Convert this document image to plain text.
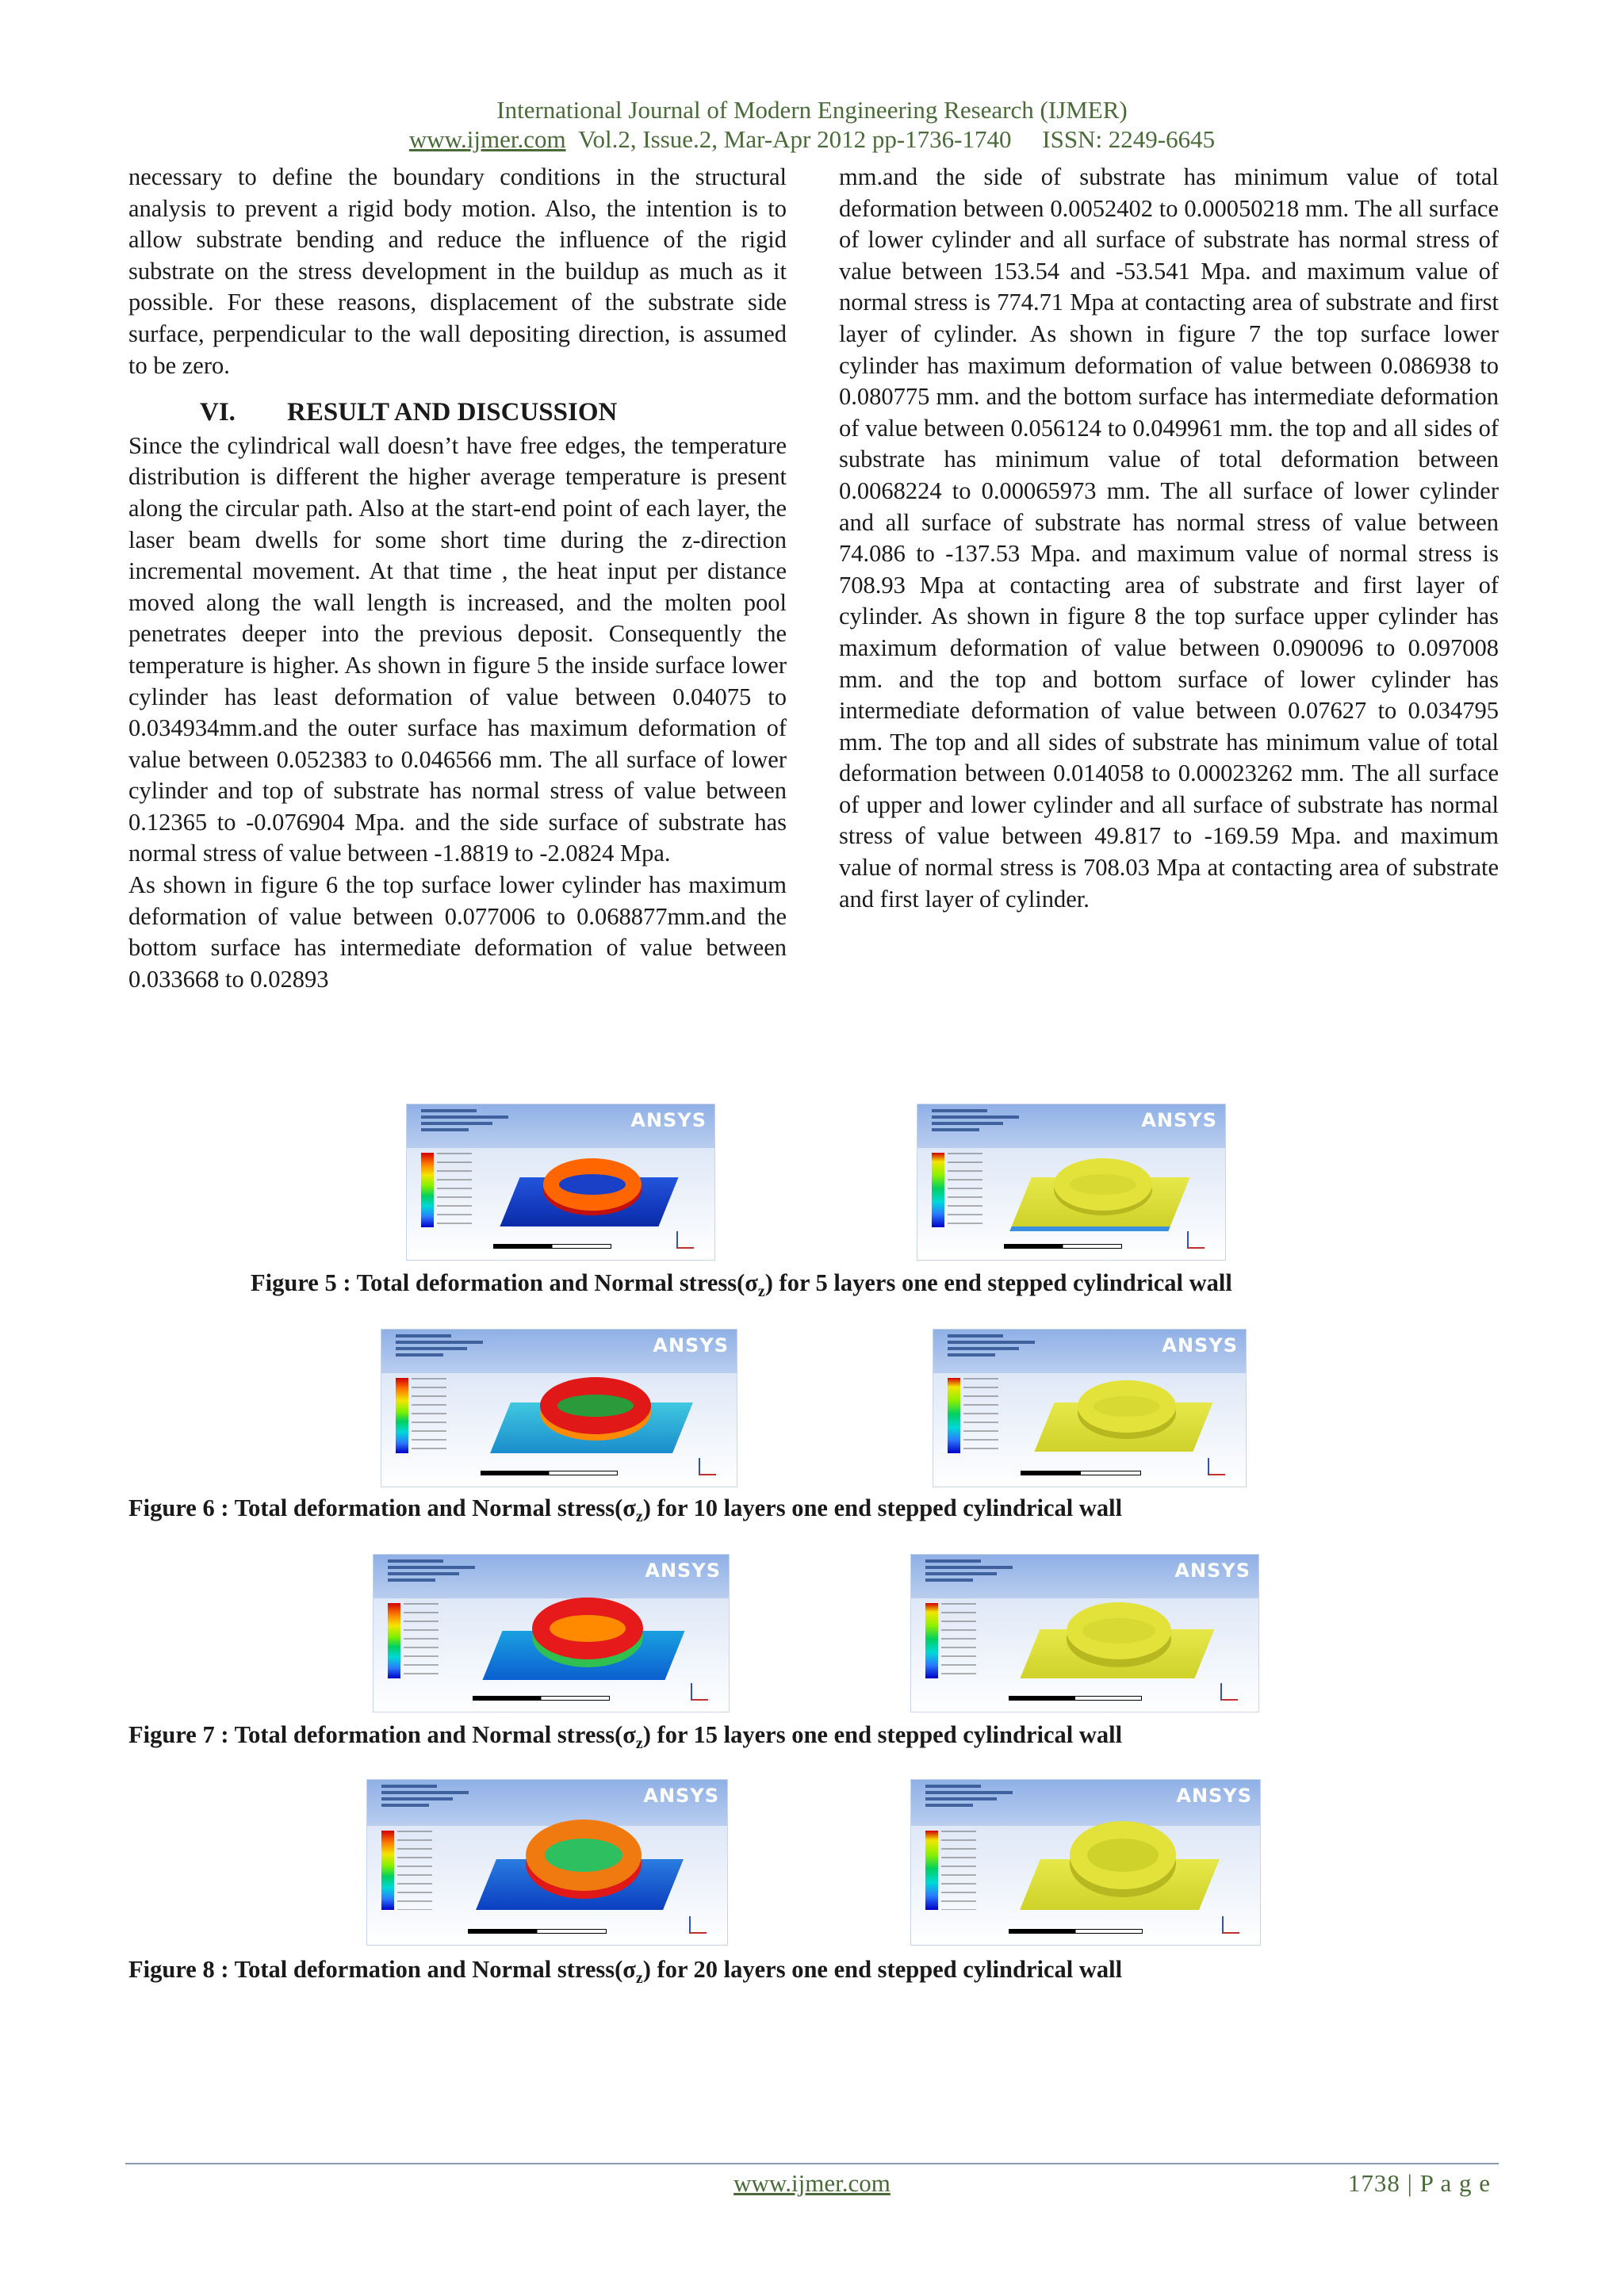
International Journal of Modern Engineering Research (IJMER)
www.ijmer.com Vol.2, Issue.2, Mar-Apr 2012 pp-1736-1740 ISSN: 2249-6645

necessary to define the boundary conditions in the structural analysis to prevent a rigid body motion. Also, the intention is to allow substrate bending and reduce the influence of the rigid substrate on the stress development in the buildup as much as it possible. For these reasons, displacement of the substrate side surface, perpendicular to the wall depositing direction, is assumed to be zero.

VI. RESULT AND DISCUSSION

Since the cylindrical wall doesn’t have free edges, the temperature distribution is different the higher average temperature is present along the circular path. Also at the start-end point of each layer, the laser beam dwells for some short time during the z-direction incremental movement. At that time , the heat input per distance moved along the wall length is increased, and the molten pool penetrates deeper into the previous deposit. Consequently the temperature is higher. As shown in figure 5 the inside surface lower cylinder has least deformation of value between 0.04075 to 0.034934mm.and the outer surface has maximum deformation of value between 0.052383 to 0.046566 mm. The all surface of lower cylinder and top of substrate has normal stress of value between 0.12365 to -0.076904 Mpa. and the side surface of substrate has normal stress of value between -1.8819 to -2.0824 Mpa.

As shown in figure 6 the top surface lower cylinder has maximum deformation of value between 0.077006 to 0.068877mm.and the bottom surface has intermediate deformation of value between 0.033668 to 0.02893

mm.and the side of substrate has minimum value of total deformation between 0.0052402 to 0.00050218 mm. The all surface of lower cylinder and all surface of substrate has normal stress of value between 153.54 and -53.541 Mpa. and maximum value of normal stress is 774.71 Mpa at contacting area of substrate and first layer of cylinder. As shown in figure 7 the top surface lower cylinder has maximum deformation of value between 0.086938 to 0.080775 mm. and the bottom surface has intermediate deformation of value between 0.056124 to 0.049961 mm. the top and all sides of substrate has minimum value of total deformation between 0.0068224 to 0.00065973 mm. The all surface of lower cylinder and all surface of substrate has normal stress of value between 74.086 to -137.53 Mpa. and maximum value of normal stress is 708.93 Mpa at contacting area of substrate and first layer of cylinder. As shown in figure 8 the top surface upper cylinder has maximum deformation of value between 0.090096 to 0.097008 mm. and the top and bottom surface of lower cylinder has intermediate deformation of value between 0.07627 to 0.034795 mm. The top and all sides of substrate has minimum value of total deformation between 0.014058 to 0.00023262 mm. The all surface of upper and lower cylinder and all surface of substrate has normal stress of value between 49.817 to -169.59 Mpa. and maximum value of normal stress is 708.03 Mpa at contacting area of substrate and first layer of cylinder.

ANSYS	ANSYS
Figure 5 : Total deformation and Normal $stress(\sigma_z)$ for 5 layers one end stepped cylindrical wall
ANSYS	ANSYS
Figure 6 : Total deformation and Normal $stress(\sigma_z)$ for 10 layers one end stepped cylindrical wall
ANSYS	ANSYS
Figure 7 : Total deformation and Normal $stress(\sigma_z)$ for 15 layers one end stepped cylindrical wall
ANSYS	ANSYS
Figure 8 : Total deformation and Normal $stress(\sigma_z)$ for 20 layers one end stepped cylindrical wall
www.ijmer.com	1738 | P a g e
